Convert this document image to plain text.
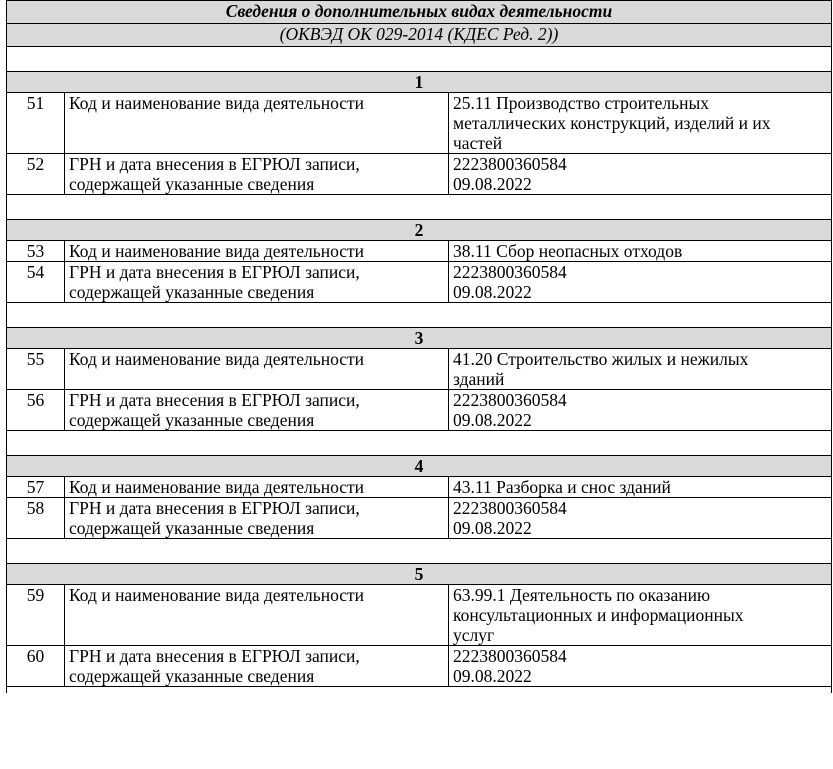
Сведения о дополнительных видах деятельности		
(ОКВЭД ОК 029-2014 (КДЕС Ред. 2))		

1		
51	Код и наименование вида деятельности	25.11 Производство строительных
металлических конструкций, изделий и их
частей

52	ГРН и дата внесения в ЕГРЮЛ записи,
содержащей указанные сведения	2223800360584
09.08.2022

2		
53	Код и наименование вида деятельности	38.11 Сбор неопасных отходов

54	ГРН и дата внесения в ЕГРЮЛ записи,
содержащей указанные сведения	2223800360584
09.08.2022

3		
55	Код и наименование вида деятельности	41.20 Строительство жилых и нежилых
зданий

56	ГРН и дата внесения в ЕГРЮЛ записи,
содержащей указанные сведения	2223800360584
09.08.2022

4		
57	Код и наименование вида деятельности	43.11 Разборка и снос зданий

58	ГРН и дата внесения в ЕГРЮЛ записи,
содержащей указанные сведения	2223800360584
09.08.2022

5		
59	Код и наименование вида деятельности	63.99.1 Деятельность по оказанию
консультационных и информационных
услуг

60	ГРН и дата внесения в ЕГРЮЛ записи,
содержащей указанные сведения	2223800360584
09.08.2022
